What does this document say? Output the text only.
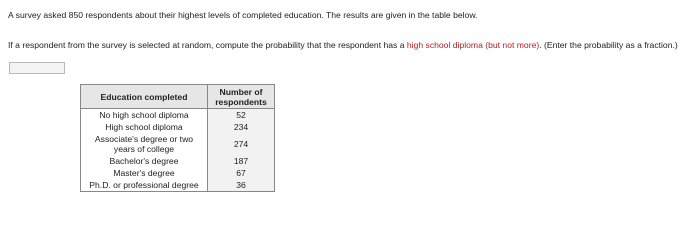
A survey asked 850 respondents about their highest levels of completed education. The results are given in the table below.
If a respondent from the survey is selected at random, compute the probability that the respondent has a high school diploma (but not more). (Enter the probability as a fraction.)
Education completed	Number of respondents
No high school diploma	52
High school diploma	234
Associate's degree or two years of college	274
Bachelor's degree	187
Master's degree	67
Ph.D. or professional degree	36
